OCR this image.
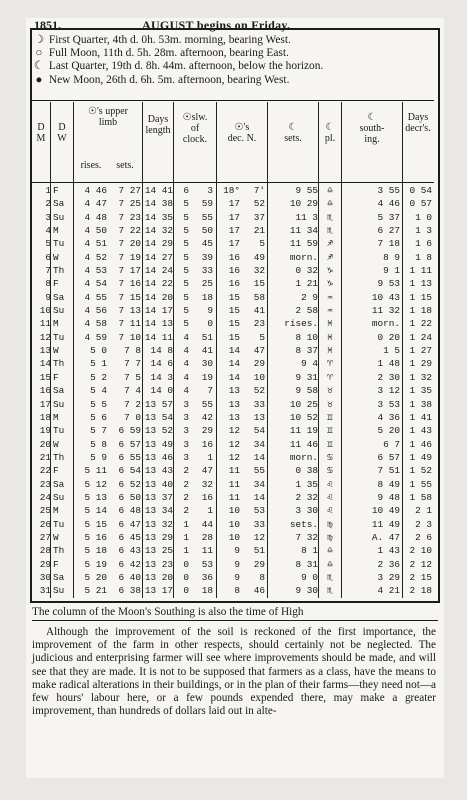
1851.	AUGUST begins on Friday.
☽ First Quarter, 4th d. 0h. 53m. morning, bearing West.
○ Full Moon, 11th d. 5h. 28m. afternoon, bearing East.
☾ Last Quarter, 19th d. 8h. 44m. afternoon, below the horizon.
● New Moon, 26th d. 6h. 5m. afternoon, bearing West.
D
M
D
W
☉'s upper
limb
rises.	sets.
Days
length
☉slw.
of
clock.
☉'s
dec. N.
☾
sets.
☾
pl.
☾
south-
ing.
Days
decr's.
1 F	4 46	7 27 14 41	6	3	18°	7'	9 55 ♎	3 55	0 54
2 Sa	4 47	7 25 14 38	5	59	17	52	10 29 ♎	4 46	0 57
3 Su	4 48	7 23 14 35	5	55	17	37	11 3 ♏	5 37	1 0
4 M	4 50	7 22 14 32	5	50	17	21	11 34 ♏	6 27	1 3
5 Tu	4 51	7 20 14 29	5	45	17	5	11 59 ♐	7 18	1 6
6 W	4 52	7 19 14 27	5	39	16	49	morn. ♐	8 9	1 8
7 Th	4 53	7 17 14 24	5	33	16	32	0 32 ♑	9 1	1 11
8 F	4 54	7 16 14 22	5	25	16	15	1 21 ♑	9 53	1 13
9 Sa	4 55	7 15 14 20	5	18	15	58	2 9 ♒	10 43	1 15
10 Su	4 56	7 13 14 17	5	9	15	41	2 58 ♒	11 32	1 18
11 M	4 58	7 11 14 13	5	0	15	23	rises. ♓	morn.	1 22
12 Tu	4 59	7 10 14 11	4	51	15	5	8 10 ♓	0 20	1 24
13 W	5 0	7 8	14 8	4	41	14	47	8 37 ♓	1 5	1 27
14 Th	5 1	7 7	14 6	4	30	14	29	9 4 ♈	1 48	1 29
15 F	5 2	7 5	14 3	4	19	14	10	9 31 ♈	2 30	1 32
16 Sa	5 4	7 4	14 0	4	7	13	52	9 58 ♉	3 12	1 35
17 Su	5 5	7 2 13 57	3	55	13	33	10 25 ♉	3 53	1 38
18 M	5 6	7 0 13 54	3	42	13	13	10 52 ♊	4 36	1 41
19 Tu	5 7	6 59 13 52	3	29	12	54	11 19 ♊	5 20	1 43
20 W	5 8	6 57 13 49	3	16	12	34	11 46 ♊	6 7	1 46
21 Th	5 9	6 55 13 46	3	1	12	14	morn. ♋	6 57	1 49
22 F	5 11	6 54 13 43	2	47	11	55	0 38 ♋	7 51	1 52
23 Sa	5 12	6 52 13 40	2	32	11	34	1 35 ♌	8 49	1 55
24 Su	5 13	6 50 13 37	2	16	11	14	2 32 ♌	9 48	1 58
25 M	5 14	6 48 13 34	2	1	10	53	3 30 ♌	10 49	2 1
26 Tu	5 15	6 47 13 32	1	44	10	33	sets. ♍	11 49	2 3
27 W	5 16	6 45 13 29	1	28	10	12	7 32 ♍	A. 47	2 6
28 Th	5 18	6 43 13 25	1	11	9	51	8 1 ♎	1 43	2 10
29 F	5 19	6 42 13 23	0	53	9	29	8 31 ♎	2 36	2 12
30 Sa	5 20	6 40 13 20	0	36	9	8	9 0 ♏	3 29	2 15
31 Su	5 21	6 38 13 17	0	18	8	46	9 30 ♏	4 21	2 18
The column of the Moon's Southing is also the time of High

Although the improvement of the soil is reckoned of the first importance, the improvement of the farm in other respects, should certainly not be neglected. The judicious and enterprising farmer will see where improvements should be made, and will see that they are made. It is not to be supposed that farmers as a class, have the means to make radical alterations in their buildings, or in the plan of their farms—they need not—a few hours' labour here, or a few pounds expended there, may make a greater improvement, than hundreds of dollars laid out in alte-
